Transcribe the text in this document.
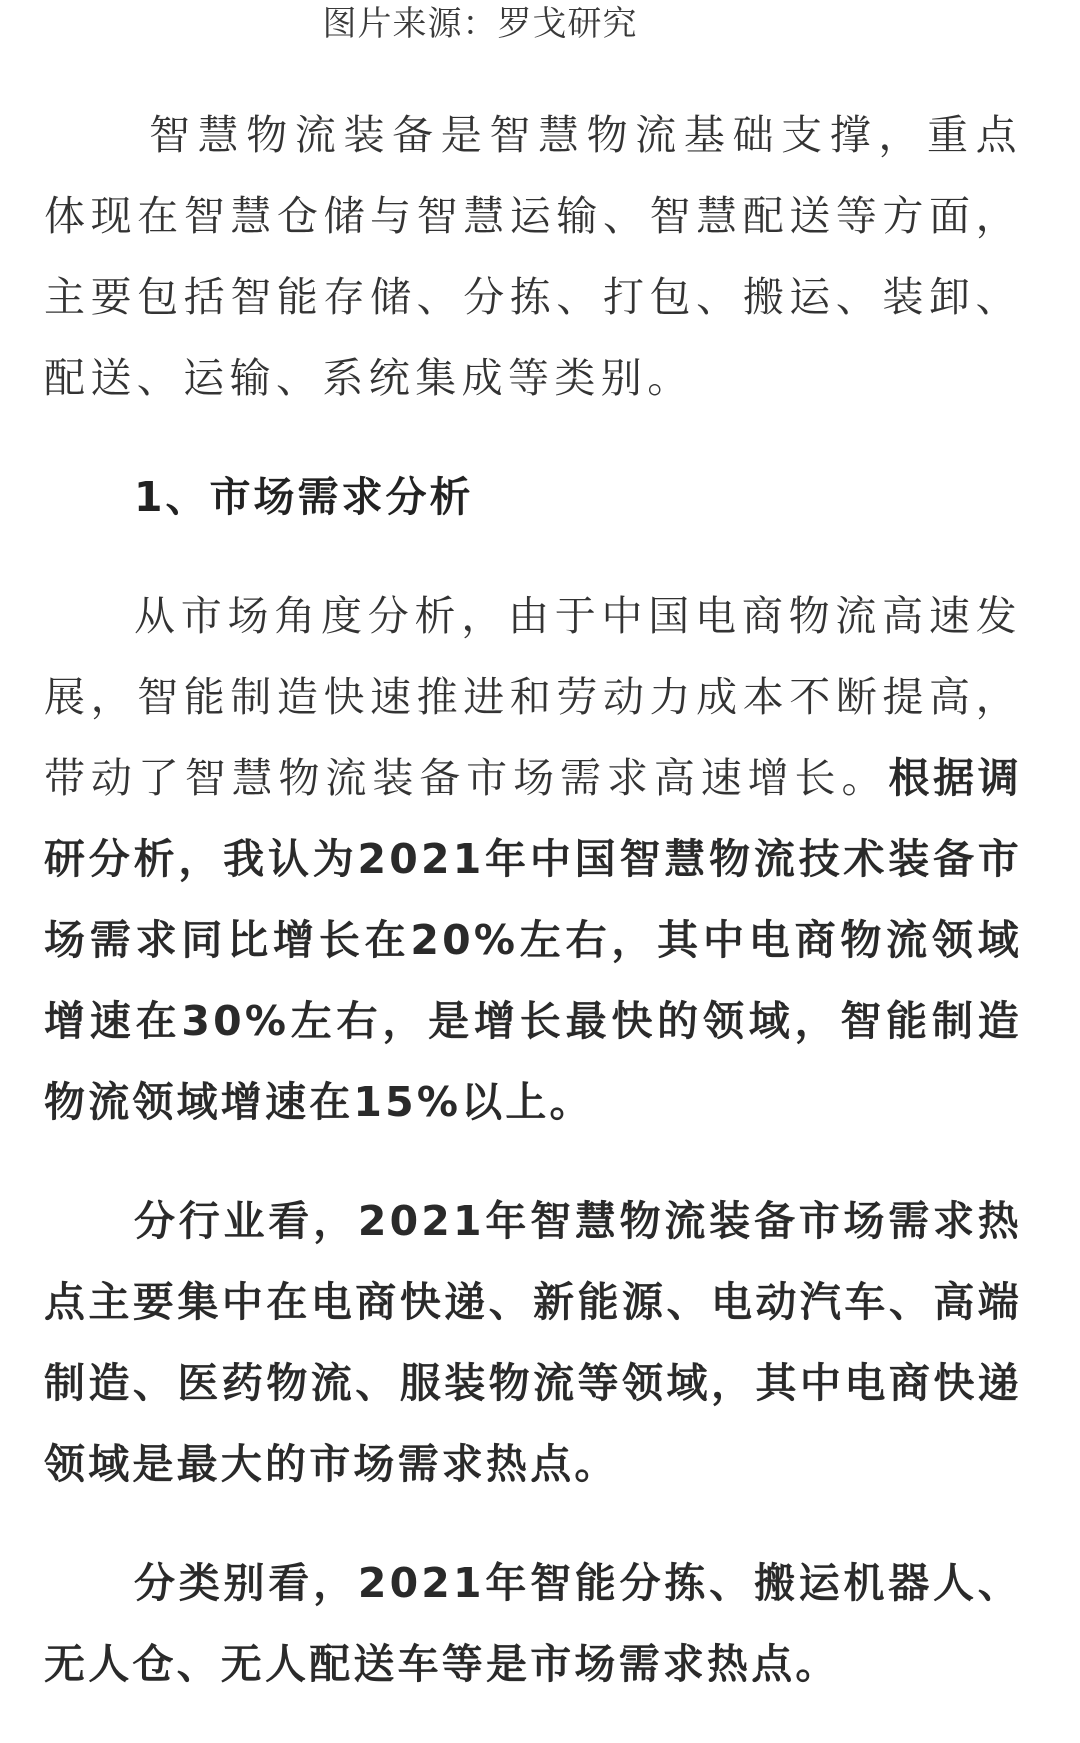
图片来源：罗戈研究

智慧物流装备是智慧物流基础支撑，重点体现在智慧仓储与智慧运输、智慧配送等方面，主要包括智能存储、分拣、打包、搬运、装卸、配送、运输、系统集成等类别。

1、市场需求分析

从市场角度分析，由于中国电商物流高速发展，智能制造快速推进和劳动力成本不断提高，带动了智慧物流装备市场需求高速增长。根据调研分析，我认为2021年中国智慧物流技术装备市场需求同比增长在20%左右，其中电商物流领域增速在30%左右，是增长最快的领域，智能制造物流领域增速在15%以上。

分行业看，2021年智慧物流装备市场需求热点主要集中在电商快递、新能源、电动汽车、高端制造、医药物流、服装物流等领域，其中电商快递领域是最大的市场需求热点。

分类别看，2021年智能分拣、搬运机器人、无人仓、无人配送车等是市场需求热点。
